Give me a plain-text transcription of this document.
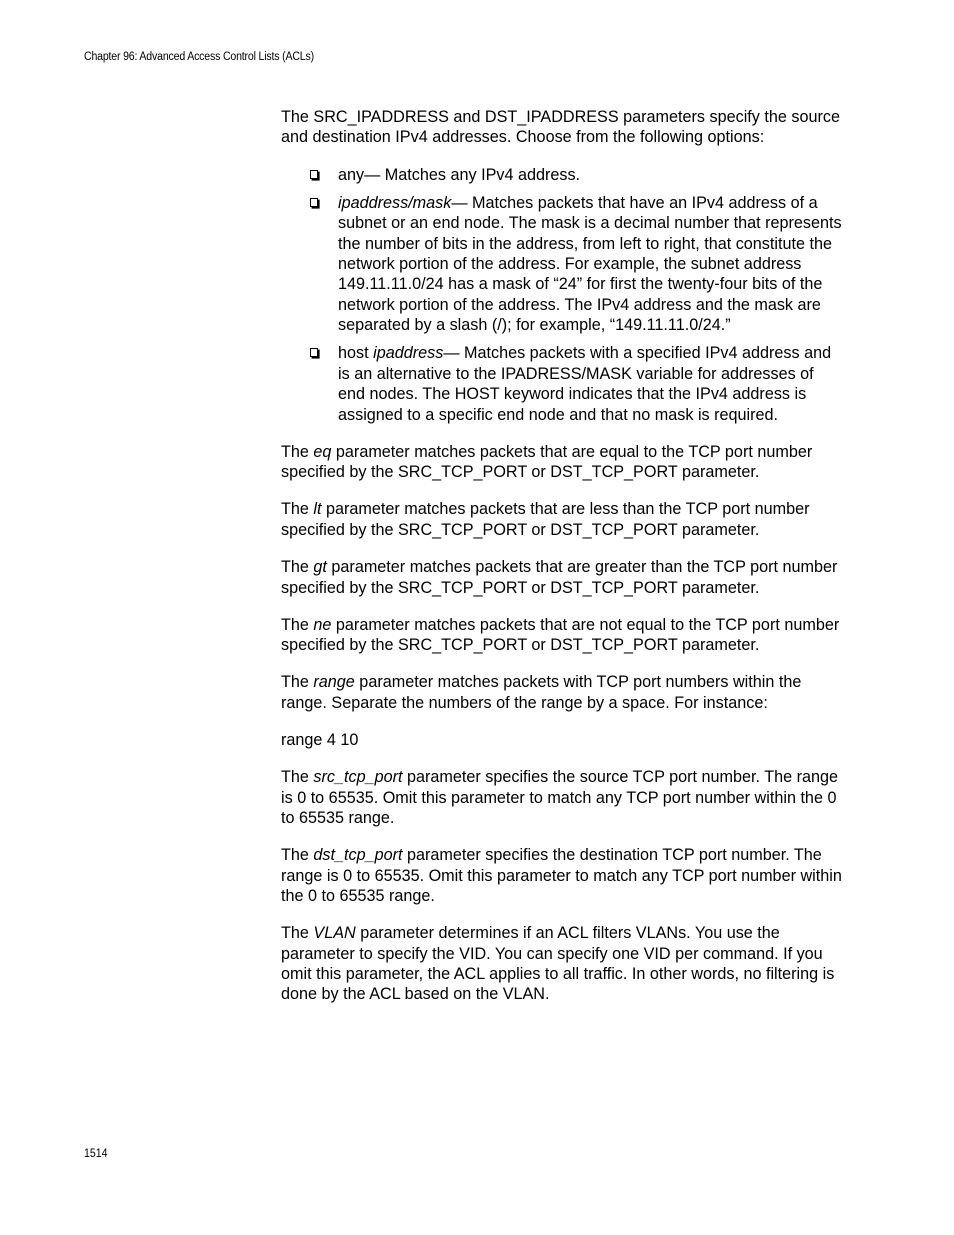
Chapter 96: Advanced Access Control Lists (ACLs)

The SRC_IPADDRESS and DST_IPADDRESS parameters specify the source and destination IPv4 addresses. Choose from the following options:

any— Matches any IPv4 address.
ipaddress/mask— Matches packets that have an IPv4 address of a subnet or an end node. The mask is a decimal number that represents the number of bits in the address, from left to right, that constitute the network portion of the address. For example, the subnet address 149.11.11.0/24 has a mask of “24” for first the twenty-four bits of the network portion of the address. The IPv4 address and the mask are separated by a slash (/); for example, “149.11.11.0/24.”
host ipaddress— Matches packets with a specified IPv4 address and is an alternative to the IPADRESS/MASK variable for addresses of end nodes. The HOST keyword indicates that the IPv4 address is assigned to a specific end node and that no mask is required.

The eq parameter matches packets that are equal to the TCP port number specified by the SRC_TCP_PORT or DST_TCP_PORT parameter.

The lt parameter matches packets that are less than the TCP port number specified by the SRC_TCP_PORT or DST_TCP_PORT parameter.

The gt parameter matches packets that are greater than the TCP port number specified by the SRC_TCP_PORT or DST_TCP_PORT parameter.

The ne parameter matches packets that are not equal to the TCP port number specified by the SRC_TCP_PORT or DST_TCP_PORT parameter.

The range parameter matches packets with TCP port numbers within the range. Separate the numbers of the range by a space. For instance:

range 4 10

The src_tcp_port parameter specifies the source TCP port number. The range is 0 to 65535. Omit this parameter to match any TCP port number within the 0 to 65535 range.

The dst_tcp_port parameter specifies the destination TCP port number. The range is 0 to 65535. Omit this parameter to match any TCP port number within the 0 to 65535 range.

The VLAN parameter determines if an ACL filters VLANs. You use the parameter to specify the VID. You can specify one VID per command. If you omit this parameter, the ACL applies to all traffic. In other words, no filtering is done by the ACL based on the VLAN.

1514
